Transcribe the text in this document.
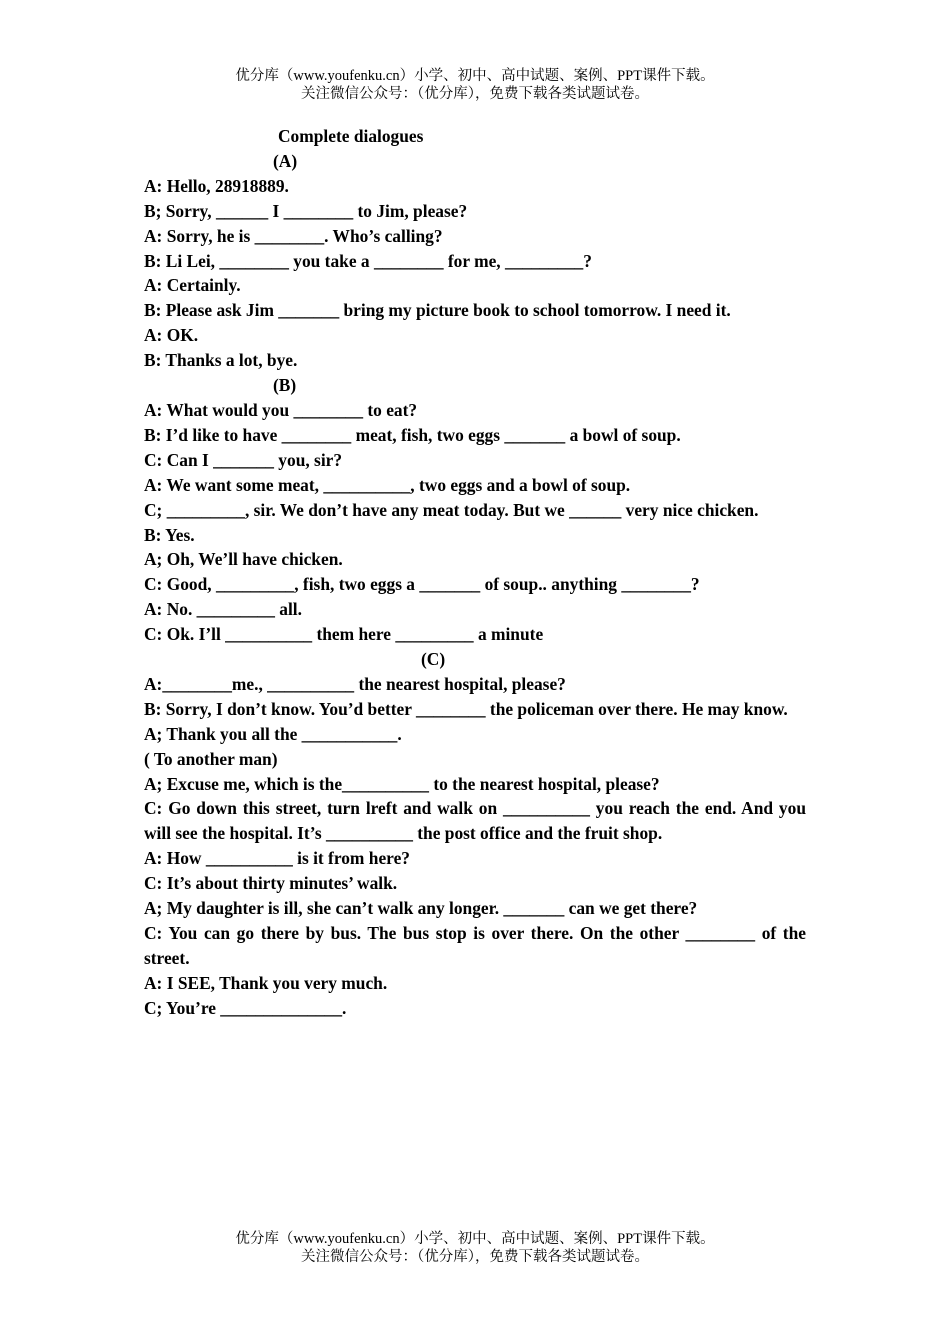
优分库（www.youfenku.cn）小学、初中、高中试题、案例、PPT课件下载。
关注微信公众号：（优分库），免费下载各类试题试卷。
Complete dialogues
(A)
A: Hello, 28918889.
B; Sorry, ______ I ________ to Jim, please?
A: Sorry, he is ________. Who’s calling?
B: Li Lei, ________ you take a ________ for me, _________?
A: Certainly.
B: Please ask Jim _______ bring my picture book to school tomorrow. I need it.
A: OK.
B: Thanks a lot, bye.
(B)
A: What would you ________ to eat?
B: I’d like to have ________ meat, fish, two eggs _______ a bowl of soup.
C: Can I _______ you, sir?
A: We want some meat, __________, two eggs and a bowl of soup.
C; _________, sir. We don’t have any meat today. But we ______ very nice chicken.
B: Yes.
A; Oh, We’ll have chicken.
C: Good, _________, fish, two eggs a _______ of soup.. anything ________?
A: No. _________ all.
C: Ok. I’ll __________ them here _________ a minute
(C)
A:________me., __________ the nearest hospital, please?
B: Sorry, I don’t know. You’d better ________ the policeman over there. He may know.
A; Thank you all the ___________.
( To another man)
A; Excuse me, which is the__________ to the nearest hospital, please?
C: Go down this street, turn lreft and walk on __________ you reach the end. And you will see the hospital. It’s __________ the post office and the fruit shop.
A: How __________ is it from here?
C: It’s about thirty minutes’ walk.
A; My daughter is ill, she can’t walk any longer. _______ can we get there?
C: You can go there by bus. The bus stop is over there. On the other ________ of the street.
A: I SEE, Thank you very much.
C; You’re ______________.
优分库（www.youfenku.cn）小学、初中、高中试题、案例、PPT课件下载。
关注微信公众号：（优分库），免费下载各类试题试卷。
